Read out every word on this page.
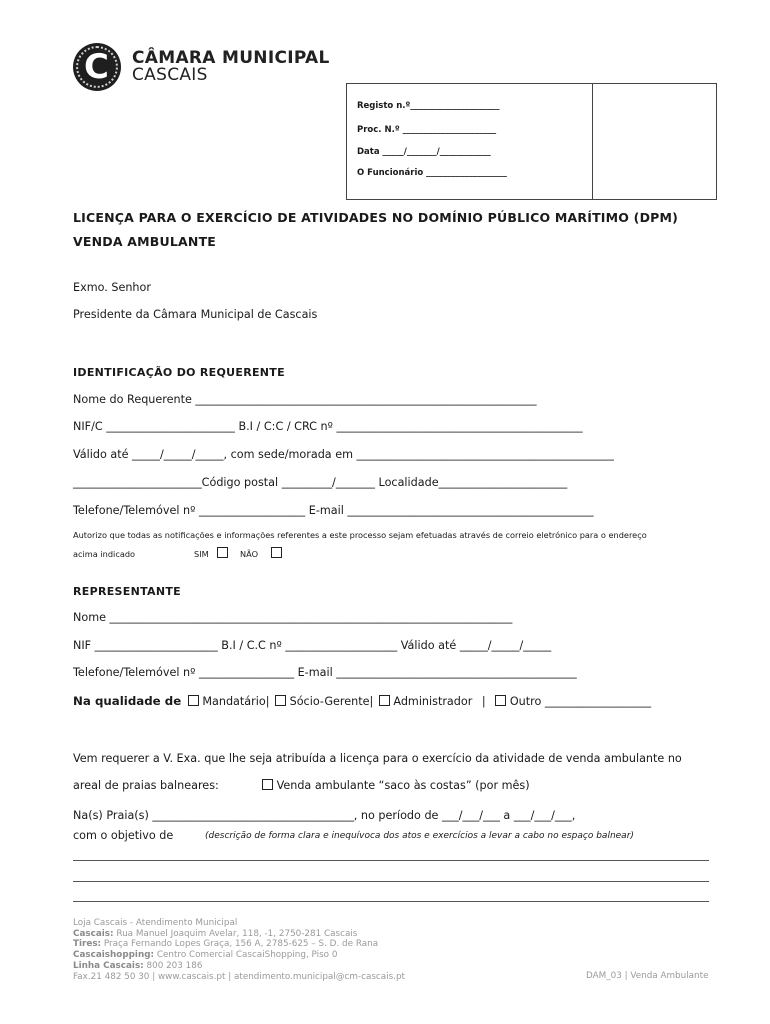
C CÂMARA MUNICIPAL
CASCAIS
Registo n.º_____________________
Proc. N.º ______________________
Data _____/_______/____________
O Funcionário ___________________
LICENÇA PARA O EXERCÍCIO DE ATIVIDADES NO DOMÍNIO PÚBLICO MARÍTIMO (DPM)
VENDA AMBULANTE
Exmo. Senhor
Presidente da Câmara Municipal de Cascais
IDENTIFICAÇÃO DO REQUERENTE
Nome do Requerente _____________________________________________________________
NIF/C _______________________ B.I / C:C / CRC nº ____________________________________________
Válido até _____/_____/_____, com sede/morada em ______________________________________________
_______________________Código postal _________/_______ Localidade_______________________
Telefone/Telemóvel nº ___________________ E-mail ____________________________________________
Autorizo que todas as notificações e informações referentes a este processo sejam efetuadas através de correio eletrónico para o endereço
acima indicado	SIM	NÃO
REPRESENTANTE
Nome ________________________________________________________________________
NIF ______________________ B.I / C.C nº ____________________ Válido até _____/_____/_____
Telefone/Telemóvel nº _________________ E-mail ___________________________________________
Na qualidade de Mandatário| Sócio-Gerente| Administrador | Outro ___________________
Vem requerer a V. Exa. que lhe seja atribuída a licença para o exercício da atividade de venda ambulante no
areal de praias balneares:	Venda ambulante “saco às costas” (por mês)
Na(s) Praia(s) ____________________________________, no período de ___/___/___ a ___/___/___,
com o objetivo de	(descrição de forma clara e inequívoca dos atos e exercícios a levar a cabo no espaço balnear)
Loja Cascais - Atendimento Municipal
Cascais: Rua Manuel Joaquim Avelar, 118, -1, 2750-281 Cascais
Tires: Praça Fernando Lopes Graça, 156 A, 2785-625 – S. D. de Rana
Cascaishopping: Centro Comercial CascaiShopping, Piso 0
Linha Cascais: 800 203 186
Fax.21 482 50 30 | www.cascais.pt | atendimento.municipal@cm-cascais.pt	DAM_03 | Venda Ambulante
